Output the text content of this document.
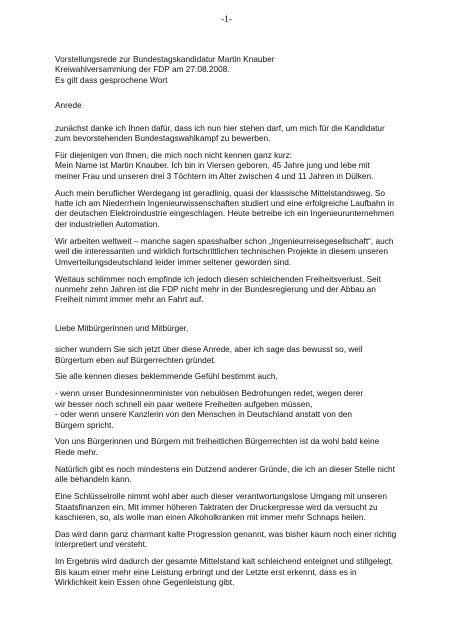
-1-
Vorstellungsrede zur Bundestagskandidatur Martin Knauber
Kreiwahlversammlung der FDP am 27.08.2008.
Es gilt dass gesprochene Wort
Anrede
zunächst danke ich Ihnen dafür, dass ich nun hier stehen darf, um mich für die Kandidatur
zum bevorstehenden Bundestagswahlkampf zu bewerben.
Für diejenigen von Ihnen, die mich noch nicht kennen ganz kurz:
Mein Name ist Martin Knauber. Ich bin in Viersen geboren, 45 Jahre jung und lebe mit
meiner Frau und unseren drei 3 Töchtern im Alter zwischen 4 und 11 Jahren in Dülken.
Auch mein beruflicher Werdegang ist geradlinig, quasi der klassische Mittelstandsweg. So
hatte ich am Niederrhein Ingenieurwissenschaften studiert und eine erfolgreiche Laufbahn in
der deutschen Elektroindustrie eingeschlagen. Heute betreibe ich ein Ingenieurunternehmen
der industriellen Automation.
Wir arbeiten weltweit – manche sagen spasshalber schon „Ingenieurreisegesellschaft“, auch
weil die interessanten und wirklich fortschrittlichen technischen Projekte in diesem unseren
Umverteilungsdeutschland leider immer seltener geworden sind.
Weitaus schlimmer noch empfinde ich jedoch diesen schleichenden Freiheitsverlust. Seit
nunmehr zehn Jahren ist die FDP nicht mehr in der Bundesregierung und der Abbau an
Freiheit nimmt immer mehr an Fahrt auf.
Liebe Mitbürgerinnen und Mitbürger,
sicher wundern Sie sich jetzt über diese Anrede, aber ich sage das bewusst so, weil
Bürgertum eben auf Bürgerrechten gründet.
Sie alle kennen dieses beklemmende Gefühl bestimmt auch,
- wenn unser Bundesinnenminister von nebulösen Bedrohungen redet, wegen derer
wir besser noch schnell ein paar weitere Freiheiten aufgeben müssen,
- oder wenn unsere Kanzlerin von den Menschen in Deutschland anstatt von den
Bürgern spricht.
Von uns Bürgerinnen und Bürgern mit freiheitlichen Bürgerrechten ist da wohl bald keine
Rede mehr.
Natürlich gibt es noch mindestens ein Dutzend anderer Gründe, die ich an dieser Stelle nicht
alle behandeln kann.
Eine Schlüsselrolle nimmt wohl aber auch dieser verantwortungslose Umgang mit unseren
Staatsfinanzen ein. Mit immer höheren Taktraten der Druckerpresse wird da versucht zu
kaschieren, so, als wolle man einen Alkoholkranken mit immer mehr Schnaps heilen.
Das wird dann ganz charmant kalte Progression genannt, was bisher kaum noch einer richtig
interpretiert und versteht.
Im Ergebnis wird dadurch der gesamte Mittelstand kalt schleichend enteignet und stillgelegt.
Bis kaum einer mehr eine Leistung erbringt und der Letzte erst erkennt, dass es in
Wirklichkeit kein Essen ohne Gegenleistung gibt.
